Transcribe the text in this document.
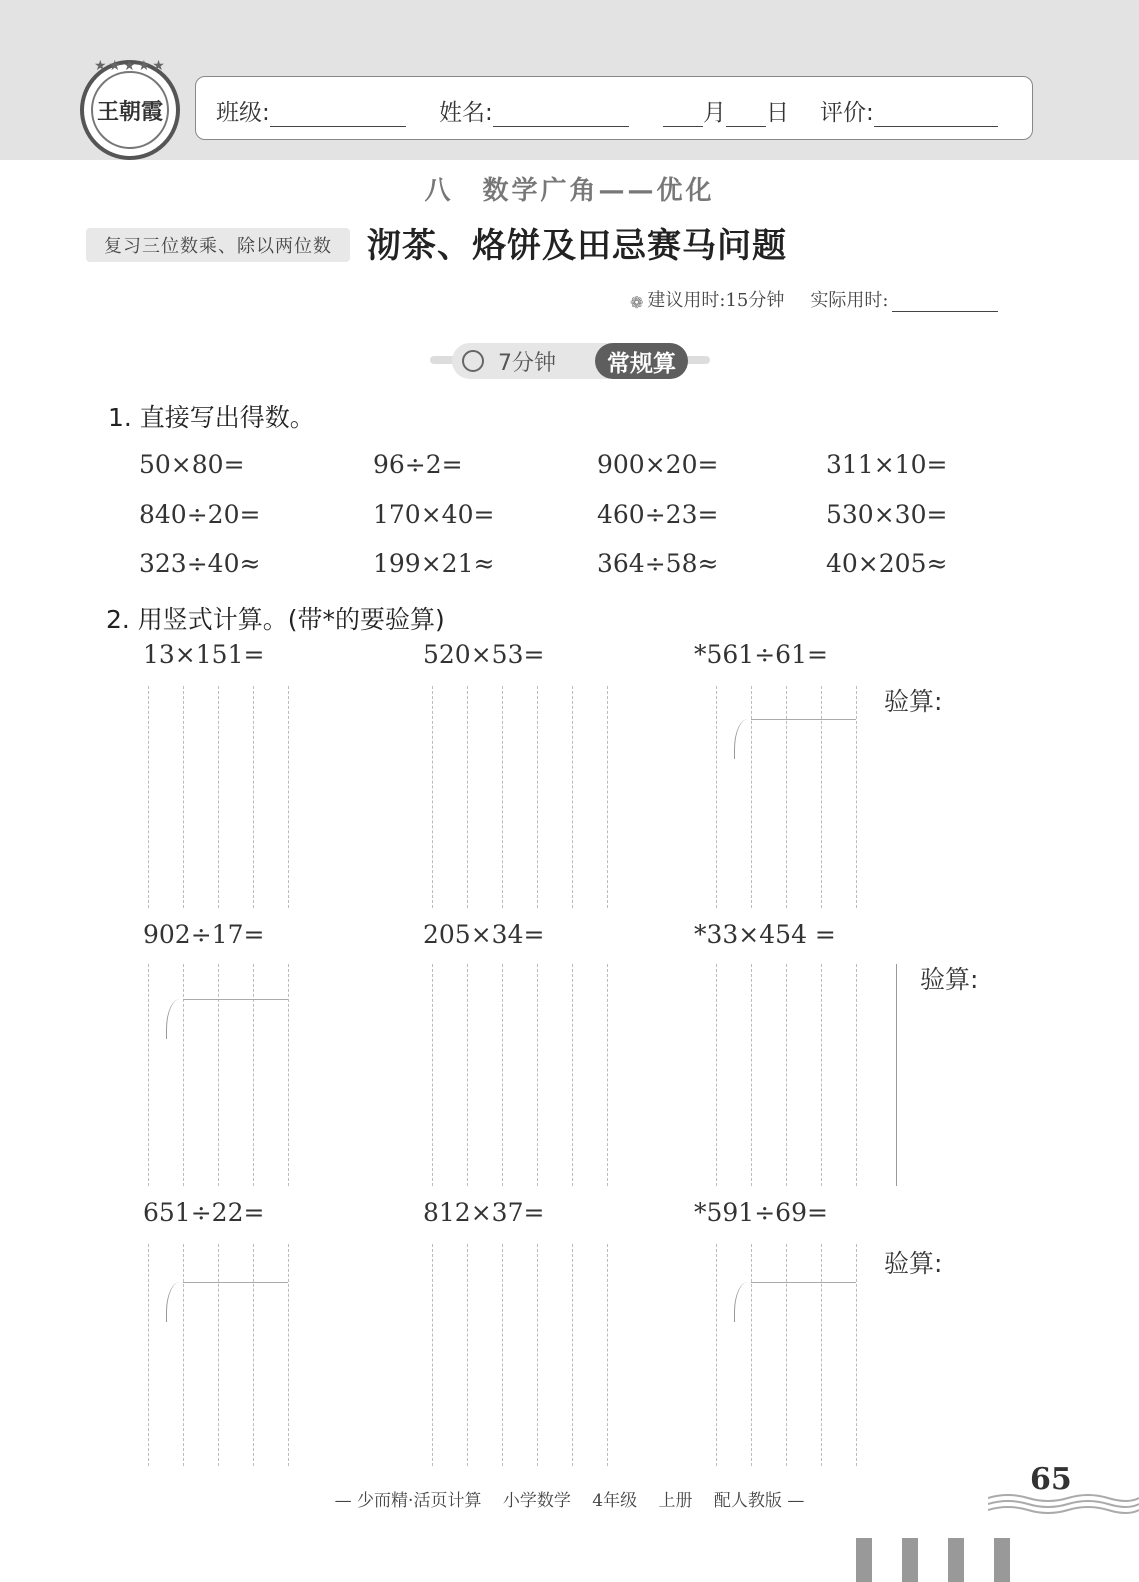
★★★★★
王朝霞 班级:	姓名:	月 日 评价:
八　数学广角——优化
复习三位数乘、除以两位数	沏茶、烙饼及田忌赛马问题
❁ 建议用时:15分钟 实际用时:
7分钟	常规算
1. 直接写出得数。
50×80=	96÷2=	900×20=	311×10=
840÷20=	170×40=	460÷23=	530×30=
323÷40≈	199×21≈	364÷58≈	40×205≈
2. 用竖式计算。(带*的要验算)
13×151=	520×53=	*561÷61=
902÷17=	205×34=	*33×454 =
651÷22=	812×37=	*591÷69=
验算:
验算:
验算:
— 少而精·活页计算 小学数学 4年级 上册 配人教版 —
65
